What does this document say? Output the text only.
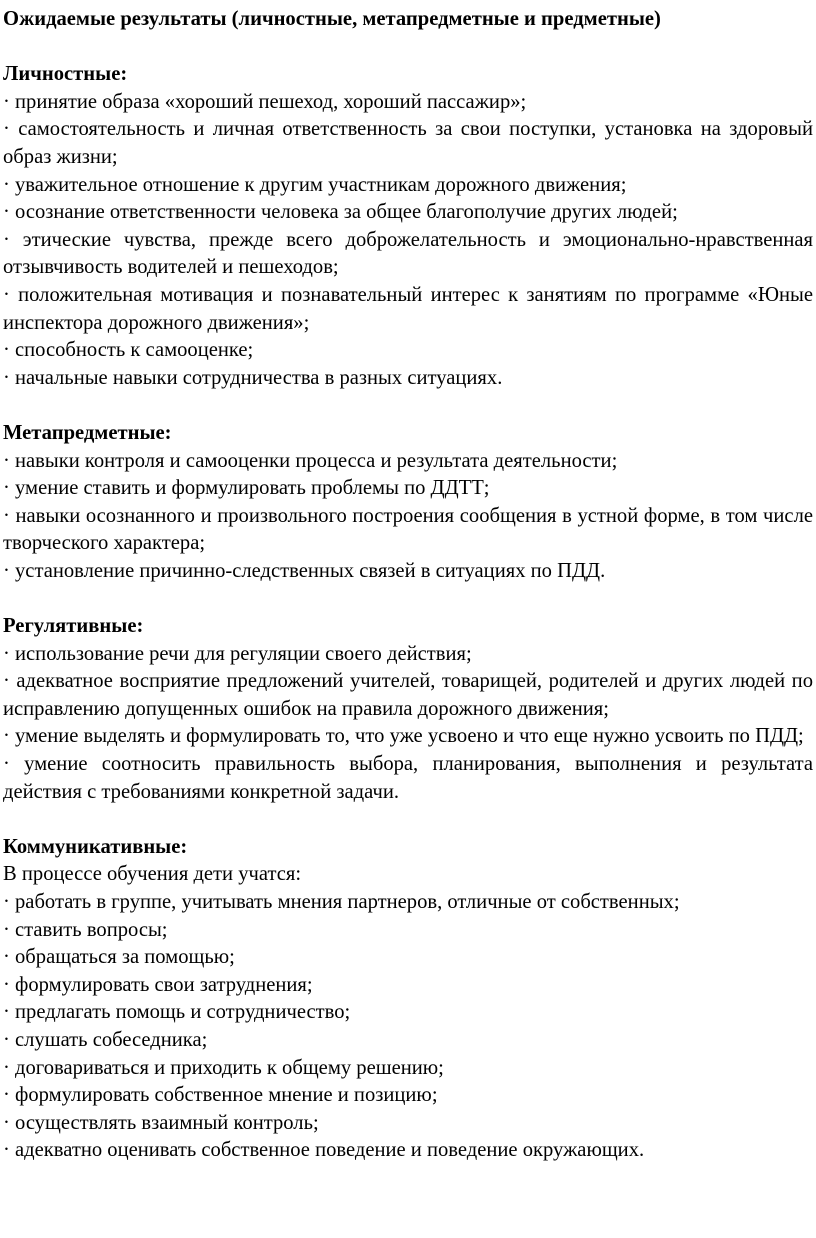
Ожидаемые результаты (личностные, метапредметные и предметные)

Личностные:

· принятие образа «хороший пешеход, хороший пассажир»;

· самостоятельность и личная ответственность за свои поступки, установка на здоровый образ жизни;

· уважительное отношение к другим участникам дорожного движения;

· осознание ответственности человека за общее благополучие других людей;

· этические чувства, прежде всего доброжелательность и эмоционально-нравственная отзывчивость водителей и пешеходов;

· положительная мотивация и познавательный интерес к занятиям по программе «Юные инспектора дорожного движения»;

· способность к самооценке;

· начальные навыки сотрудничества в разных ситуациях.

Метапредметные:

· навыки контроля и самооценки процесса и результата деятельности;

· умение ставить и формулировать проблемы по ДДТТ;

· навыки осознанного и произвольного построения сообщения в устной форме, в том числе творческого характера;

· установление причинно-следственных связей в ситуациях по ПДД.

Регулятивные:

· использование речи для регуляции своего действия;

· адекватное восприятие предложений учителей, товарищей, родителей и других людей по исправлению допущенных ошибок на правила дорожного движения;

· умение выделять и формулировать то, что уже усвоено и что еще нужно усвоить по ПДД;

· умение соотносить правильность выбора, планирования, выполнения и результата действия с требованиями конкретной задачи.

Коммуникативные:

В процессе обучения дети учатся:

· работать в группе, учитывать мнения партнеров, отличные от собственных;

· ставить вопросы;

· обращаться за помощью;

· формулировать свои затруднения;

· предлагать помощь и сотрудничество;

· слушать собеседника;

· договариваться и приходить к общему решению;

· формулировать собственное мнение и позицию;

· осуществлять взаимный контроль;

· адекватно оценивать собственное поведение и поведение окружающих.
